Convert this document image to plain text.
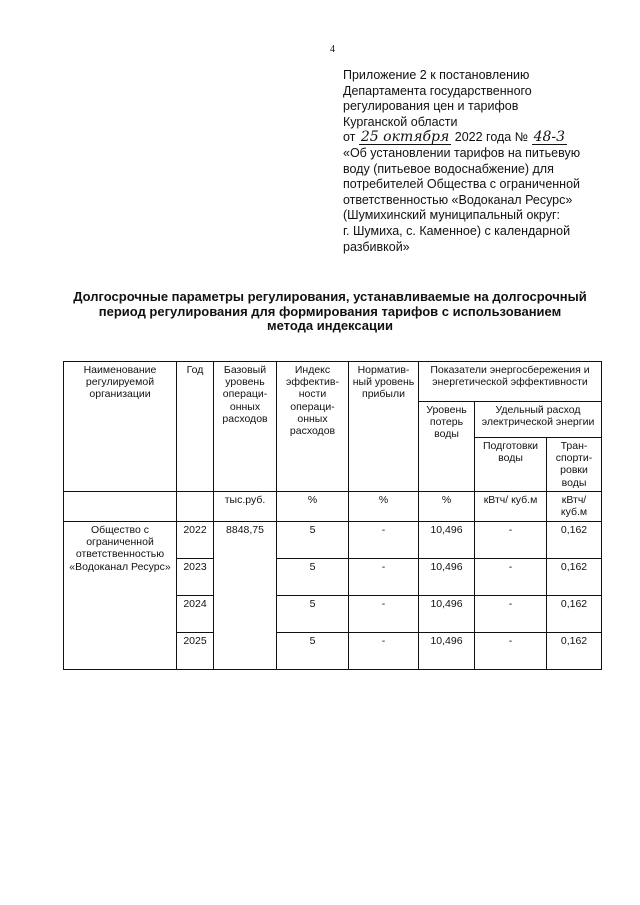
4
Приложение 2 к постановлению
Департамента государственного
регулирования цен и тарифов
Курганской области
от 25 октября 2022 года № 48-3
«Об установлении тарифов на питьевую
воду (питьевое водоснабжение) для
потребителей Общества с ограниченной
ответственностью «Водоканал Ресурс»
(Шумихинский муниципальный округ:
г. Шумиха, с. Каменное) с календарной
разбивкой»
Долгосрочные параметры регулирования, устанавливаемые на долгосрочный
период регулирования для формирования тарифов с использованием
метода индексации
Наименование регулируемой организации	Год	Базовый уровень операци-онных расходов	Индекс эффектив-ности операци-онных расходов	Норматив-ный уровень прибыли	Показатели энергосбережения и энергетической эффективности		
					Уровень потерь воды	Удельный расход электрической энергии	
						Подготовки воды	Тран-спорти-ровки воды
		тыс.руб.	%	%	%	кВтч/ куб.м	кВтч/ куб.м
Общество с ограниченной ответственностью «Водоканал Ресурс»	2022	8848,75	5	-	10,496	-	0,162
	2023		5	-	10,496	-	0,162
	2024		5	-	10,496	-	0,162
	2025		5	-	10,496	-	0,162
